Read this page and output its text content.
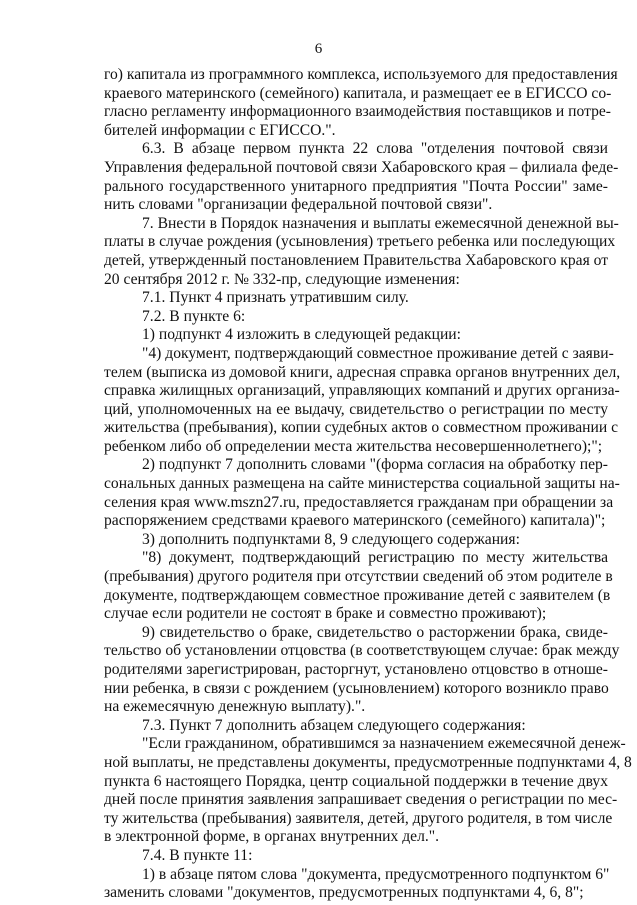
6
го) капитала из программного комплекса, используемого для предоставления
краевого материнского (семейного) капитала, и размещает ее в ЕГИССО со-
гласно регламенту информационного взаимодействия поставщиков и потре-
бителей информации с ЕГИССО.".
6.3. В абзаце первом пункта 22 слова "отделения почтовой связи
Управления федеральной почтовой связи Хабаровского края – филиала феде-
рального государственного унитарного предприятия "Почта России" заме-
нить словами "организации федеральной почтовой связи".
7. Внести в Порядок назначения и выплаты ежемесячной денежной вы-
платы в случае рождения (усыновления) третьего ребенка или последующих
детей, утвержденный постановлением Правительства Хабаровского края от
20 сентября 2012 г. № 332-пр, следующие изменения:
7.1. Пункт 4 признать утратившим силу.
7.2. В пункте 6:
1) подпункт 4 изложить в следующей редакции:
"4) документ, подтверждающий совместное проживание детей с заяви-
телем (выписка из домовой книги, адресная справка органов внутренних дел,
справка жилищных организаций, управляющих компаний и других организа-
ций, уполномоченных на ее выдачу, свидетельство о регистрации по месту
жительства (пребывания), копии судебных актов о совместном проживании с
ребенком либо об определении места жительства несовершеннолетнего);";
2) подпункт 7 дополнить словами "(форма согласия на обработку пер-
сональных данных размещена на сайте министерства социальной защиты на-
селения края www.mszn27.ru, предоставляется гражданам при обращении за
распоряжением средствами краевого материнского (семейного) капитала)";
3) дополнить подпунктами 8, 9 следующего содержания:
"8) документ, подтверждающий регистрацию по месту жительства
(пребывания) другого родителя при отсутствии сведений об этом родителе в
документе, подтверждающем совместное проживание детей с заявителем (в
случае если родители не состоят в браке и совместно проживают);
9) свидетельство о браке, свидетельство о расторжении брака, свиде-
тельство об установлении отцовства (в соответствующем случае: брак между
родителями зарегистрирован, расторгнут, установлено отцовство в отноше-
нии ребенка, в связи с рождением (усыновлением) которого возникло право
на ежемесячную денежную выплату).".
7.3. Пункт 7 дополнить абзацем следующего содержания:
"Если гражданином, обратившимся за назначением ежемесячной денеж-
ной выплаты, не представлены документы, предусмотренные подпунктами 4, 8
пункта 6 настоящего Порядка, центр социальной поддержки в течение двух
дней после принятия заявления запрашивает сведения о регистрации по мес-
ту жительства (пребывания) заявителя, детей, другого родителя, в том числе
в электронной форме, в органах внутренних дел.".
7.4. В пункте 11:
1) в абзаце пятом слова "документа, предусмотренного подпунктом 6"
заменить словами "документов, предусмотренных подпунктами 4, 6, 8";
